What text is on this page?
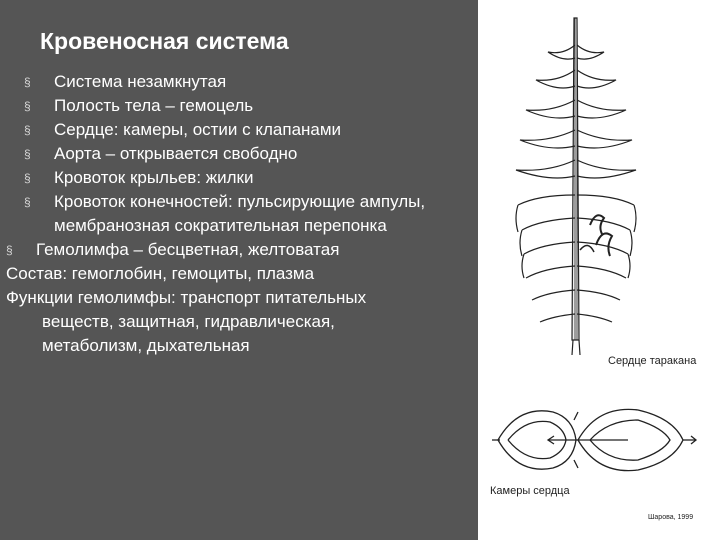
Кровеносная система
§ Система незамкнутая
§ Полость тела – гемоцель
§ Сердце: камеры, остии с клапанами
§ Аорта – открывается свободно
§ Кровоток крыльев: жилки
§ Кровоток конечностей: пульсирующие ампулы, мембранозная сократительная перепонка
§ Гемолимфа – бесцветная, желтоватая
Состав: гемоглобин, гемоциты, плазма
Функции гемолимфы: транспорт питательных веществ, защитная, гидравлическая, метаболизм, дыхательная
Сердце таракана
Камеры сердца
Шарова, 1999
